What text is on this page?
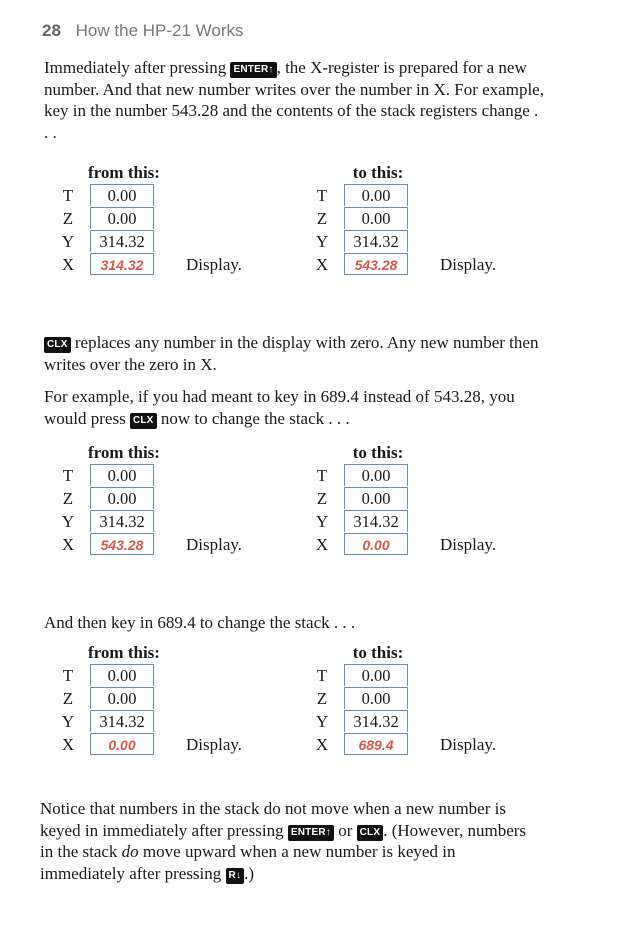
28 How the HP-21 Works

Immediately after pressing ENTER↑ , the X-register is prepared for a new number. And that new number writes over the number in X. For example, key in the number 543.28 and the contents of the stack registers change . . .

from this:
T	0.00
Z	0.00
Y	314.32
X	314.32	Display.
to this:
T	0.00
Z	0.00
Y	314.32
X	543.28	Display.

CLX replaces any number in the display with zero. Any new number then writes over the zero in X.

For example, if you had meant to key in 689.4 instead of 543.28, you would press CLX now to change the stack . . .

from this:
T	0.00
Z	0.00
Y	314.32
X	543.28	Display.
to this:
T	0.00
Z	0.00
Y	314.32
X	0.00	Display.

And then key in 689.4 to change the stack . . .

from this:
T	0.00
Z	0.00
Y	314.32
X	0.00	Display.
to this:
T	0.00
Z	0.00
Y	314.32
X	689.4	Display.

Notice that numbers in the stack do not move when a new number is keyed in immediately after pressing ENTER↑ or CLX . (However, numbers in the stack do move upward when a new number is keyed in immediately after pressing R↓ .)
